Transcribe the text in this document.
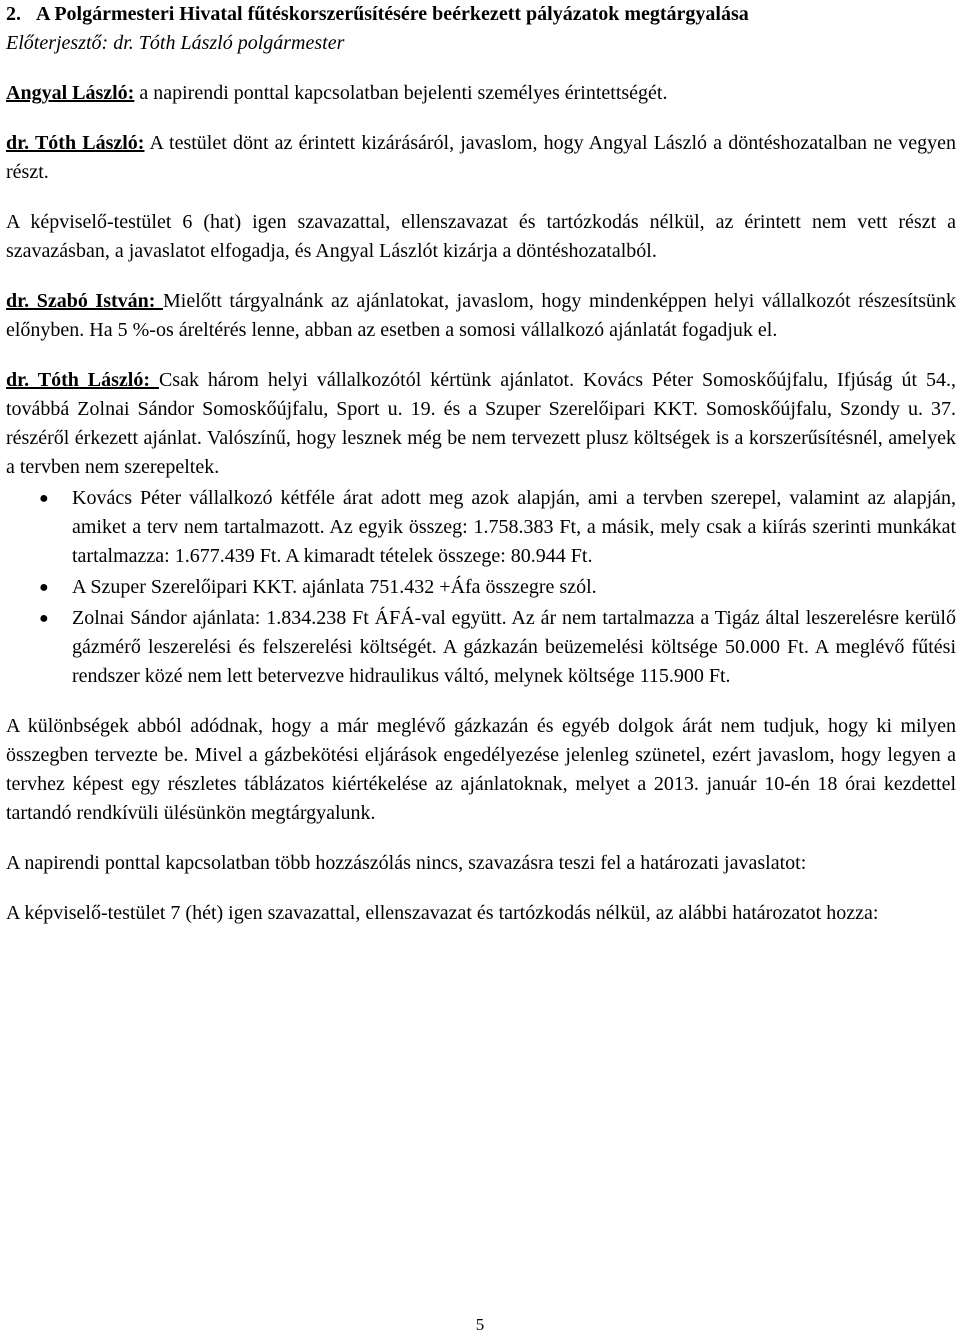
2. A Polgármesteri Hivatal fűtéskorszerűsítésére beérkezett pályázatok megtárgyalása

Előterjesztő: dr. Tóth László polgármester

Angyal László: a napirendi ponttal kapcsolatban bejelenti személyes érintettségét.

dr. Tóth László: A testület dönt az érintett kizárásáról, javaslom, hogy Angyal László a döntéshozatalban ne vegyen részt.

A képviselő-testület 6 (hat) igen szavazattal, ellenszavazat és tartózkodás nélkül, az érintett nem vett részt a szavazásban, a javaslatot elfogadja, és Angyal Lászlót kizárja a döntéshozatalból.

dr. Szabó István: Mielőtt tárgyalnánk az ajánlatokat, javaslom, hogy mindenképpen helyi vállalkozót részesítsünk előnyben. Ha 5 %-os áreltérés lenne, abban az esetben a somosi vállalkozó ajánlatát fogadjuk el.

dr. Tóth László: Csak három helyi vállalkozótól kértünk ajánlatot. Kovács Péter Somoskőújfalu, Ifjúság út 54., továbbá Zolnai Sándor Somoskőújfalu, Sport u. 19. és a Szuper Szerelőipari KKT. Somoskőújfalu, Szondy u. 37. részéről érkezett ajánlat. Valószínű, hogy lesznek még be nem tervezett plusz költségek is a korszerűsítésnél, amelyek a tervben nem szerepeltek.

● Kovács Péter vállalkozó kétféle árat adott meg azok alapján, ami a tervben szerepel, valamint az alapján, amiket a terv nem tartalmazott. Az egyik összeg: 1.758.383 Ft, a másik, mely csak a kiírás szerinti munkákat tartalmazza: 1.677.439 Ft. A kimaradt tételek összege: 80.944 Ft.
● A Szuper Szerelőipari KKT. ajánlata 751.432 +Áfa összegre szól.
● Zolnai Sándor ajánlata: 1.834.238 Ft ÁFÁ-val együtt. Az ár nem tartalmazza a Tigáz által leszerelésre kerülő gázmérő leszerelési és felszerelési költségét. A gázkazán beüzemelési költsége 50.000 Ft. A meglévő fűtési rendszer közé nem lett betervezve hidraulikus váltó, melynek költsége 115.900 Ft.

A különbségek abból adódnak, hogy a már meglévő gázkazán és egyéb dolgok árát nem tudjuk, hogy ki milyen összegben tervezte be. Mivel a gázbekötési eljárások engedélyezése jelenleg szünetel, ezért javaslom, hogy legyen a tervhez képest egy részletes táblázatos kiértékelése az ajánlatoknak, melyet a 2013. január 10-én 18 órai kezdettel tartandó rendkívüli ülésünkön megtárgyalunk.

A napirendi ponttal kapcsolatban több hozzászólás nincs, szavazásra teszi fel a határozati javaslatot:

A képviselő-testület 7 (hét) igen szavazattal, ellenszavazat és tartózkodás nélkül, az alábbi határozatot hozza:

5
